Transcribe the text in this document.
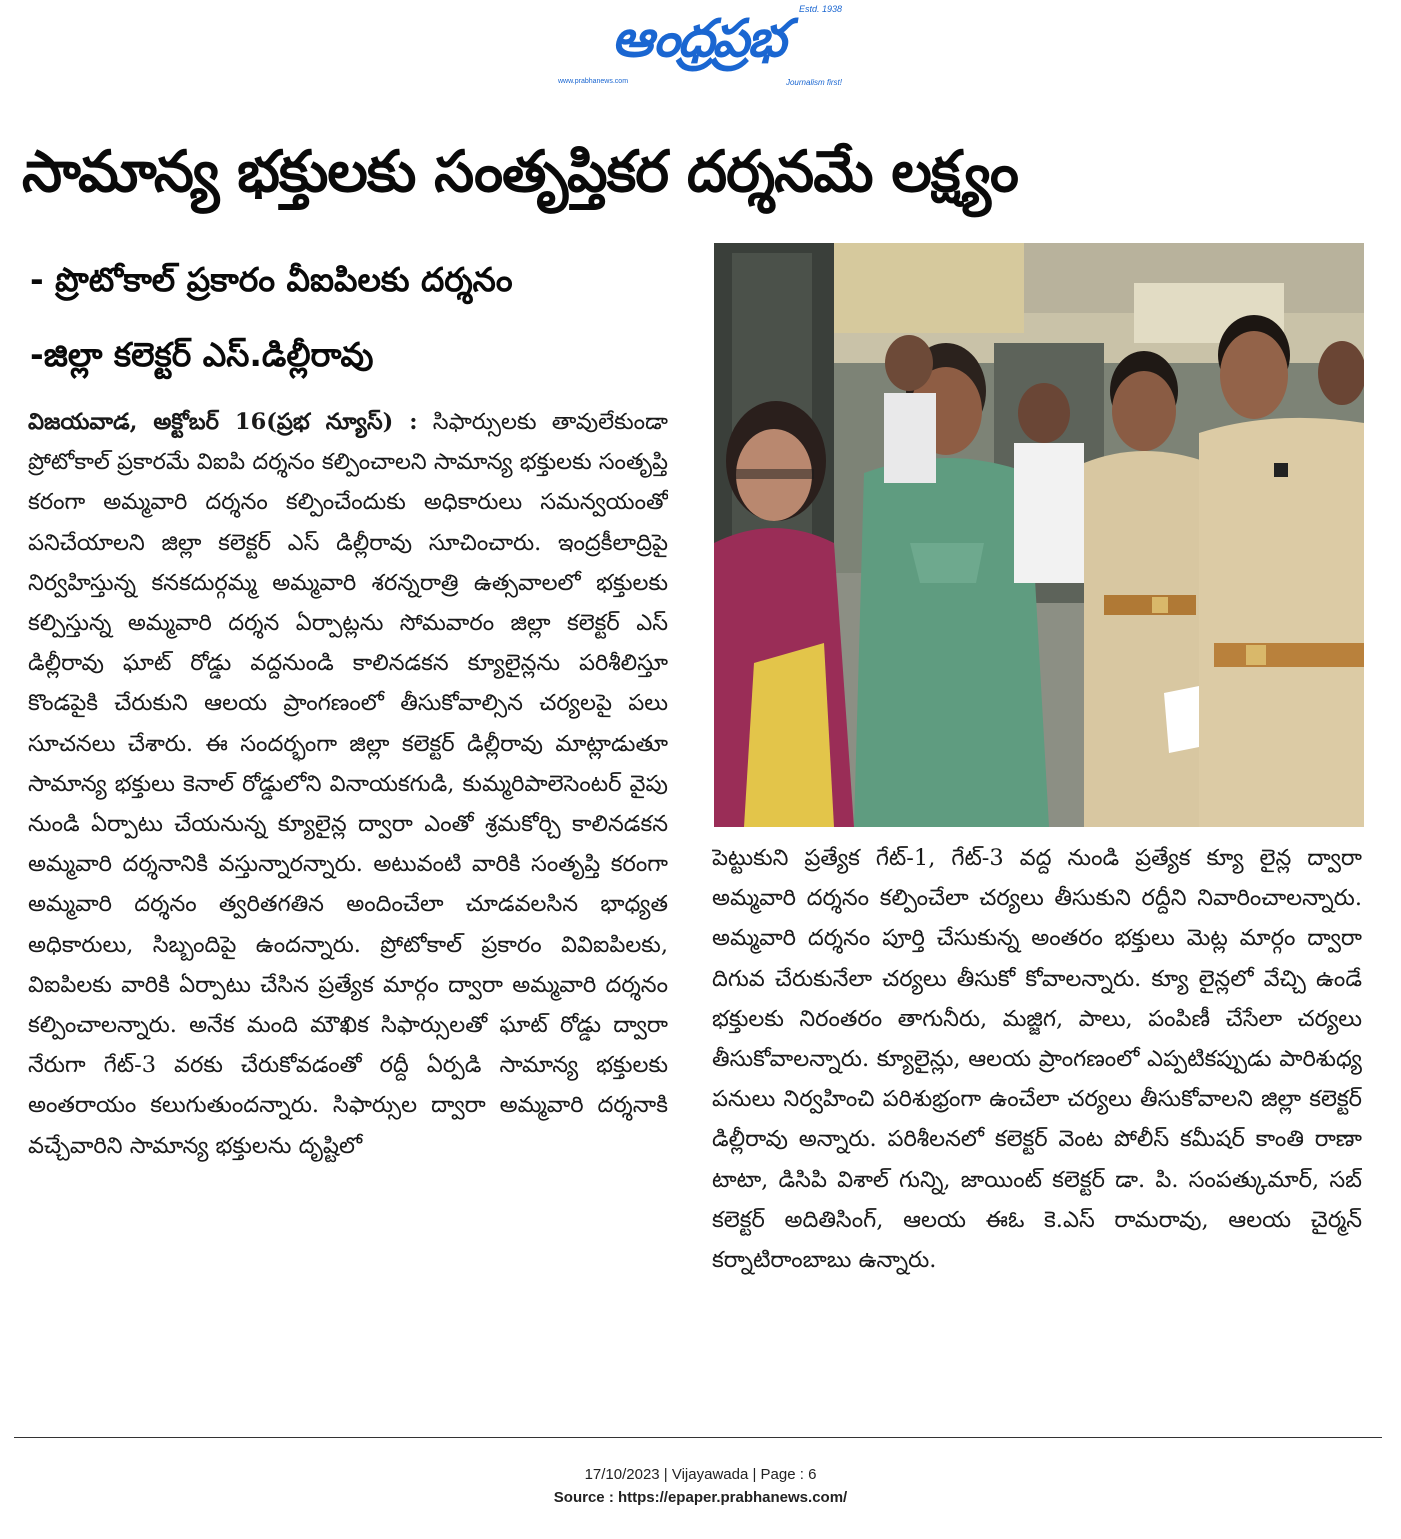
ఆంధ్రప్రభ	Estd. 1938
www.prabhanews.com	Journalism first!
సామాన్య భక్తులకు సంతృప్తికర దర్శనమే లక్ష్యం
- ప్రొటోకాల్ ప్రకారం వీఐపిలకు దర్శనం
-జిల్లా కలెక్టర్ ఎస్.డిల్లీరావు

విజయవాడ, అక్టోబర్ 16(ప్రభ న్యూస్) : సిఫార్సులకు తావులేకుండా ప్రోటోకాల్ ప్రకారమే విఐపి దర్శనం కల్పించాలని సామాన్య భక్తులకు సంతృప్తి కరంగా అమ్మవారి దర్శనం కల్పించేందుకు అధికారులు సమన్వయంతో పనిచేయాలని జిల్లా కలెక్టర్ ఎస్ డిల్లీరావు సూచించారు. ఇంద్రకీలాద్రిపై నిర్వహిస్తున్న కనకదుర్గమ్మ అమ్మవారి శరన్నరాత్రి ఉత్సవాలలో భక్తులకు కల్పిస్తున్న అమ్మవారి దర్శన ఏర్పాట్లను సోమవారం జిల్లా కలెక్టర్ ఎస్ డిల్లీరావు ఘాట్ రోడ్డు వద్దనుండి కాలినడకన క్యూలైన్లను పరిశీలిస్తూ కొండపైకి చేరుకుని ఆలయ ప్రాంగణంలో తీసుకోవాల్సిన చర్యలపై పలు సూచనలు చేశారు. ఈ సందర్భంగా జిల్లా కలెక్టర్ డిల్లీరావు మాట్లాడుతూ సామాన్య భక్తులు కెనాల్ రోడ్డులోని వినాయకగుడి, కుమ్మరిపాలెసెంటర్ వైపు నుండి ఏర్పాటు చేయనున్న క్యూలైన్ల ద్వారా ఎంతో శ్రమకోర్చి కాలినడకన అమ్మవారి దర్శనానికి వస్తున్నారన్నారు. అటువంటి వారికి సంతృప్తి కరంగా అమ్మవారి దర్శనం త్వరితగతిన అందించేలా చూడవలసిన భాధ్యత అధికారులు, సిబ్బందిపై ఉందన్నారు. ప్రోటోకాల్ ప్రకారం వివిఐపిలకు, విఐపిలకు వారికి ఏర్పాటు చేసిన ప్రత్యేక మార్గం ద్వారా అమ్మవారి దర్శనం కల్పించాలన్నారు. అనేక మంది మౌఖిక సిఫార్సులతో ఘాట్ రోడ్డు ద్వారా నేరుగా గేట్-3 వరకు చేరుకోవడంతో రద్దీ ఏర్పడి సామాన్య భక్తులకు అంతరాయం కలుగుతుందన్నారు. సిఫార్సుల ద్వారా అమ్మవారి దర్శనాకి వచ్చేవారిని సామాన్య భక్తులను దృష్టిలో

పెట్టుకుని ప్రత్యేక గేట్-1, గేట్-3 వద్ద నుండి ప్రత్యేక క్యూ లైన్ల ద్వారా అమ్మవారి దర్శనం కల్పించేలా చర్యలు తీసుకుని రద్దీని నివారించాలన్నారు. అమ్మవారి దర్శనం పూర్తి చేసుకున్న అంతరం భక్తులు మెట్ల మార్గం ద్వారా దిగువ చేరుకునేలా చర్యలు తీసుకో కోవాలన్నారు. క్యూ లైన్లలో వేచ్చి ఉండే భక్తులకు నిరంతరం తాగునీరు, మజ్జిగ, పాలు, పంపిణీ చేసేలా చర్యలు తీసుకోవాలన్నారు. క్యూలైన్లు, ఆలయ ప్రాంగణంలో ఎప్పటికప్పుడు పారిశుధ్య పనులు నిర్వహించి పరిశుభ్రంగా ఉంచేలా చర్యలు తీసుకోవాలని జిల్లా కలెక్టర్ డిల్లీరావు అన్నారు. పరిశీలనలో కలెక్టర్ వెంట పోలీస్ కమీషర్ కాంతి రాణా టాటా, డిసిపి విశాల్ గున్ని, జాయింట్ కలెక్టర్ డా. పి. సంపత్కుమార్, సబ్ కలెక్టర్ అదితిసింగ్, ఆలయ ఈఓ కె.ఎస్ రామరావు, ఆలయ చైర్మన్ కర్నాటిరాంబాబు ఉన్నారు.

17/10/2023 | Vijayawada | Page : 6
Source : https://epaper.prabhanews.com/
